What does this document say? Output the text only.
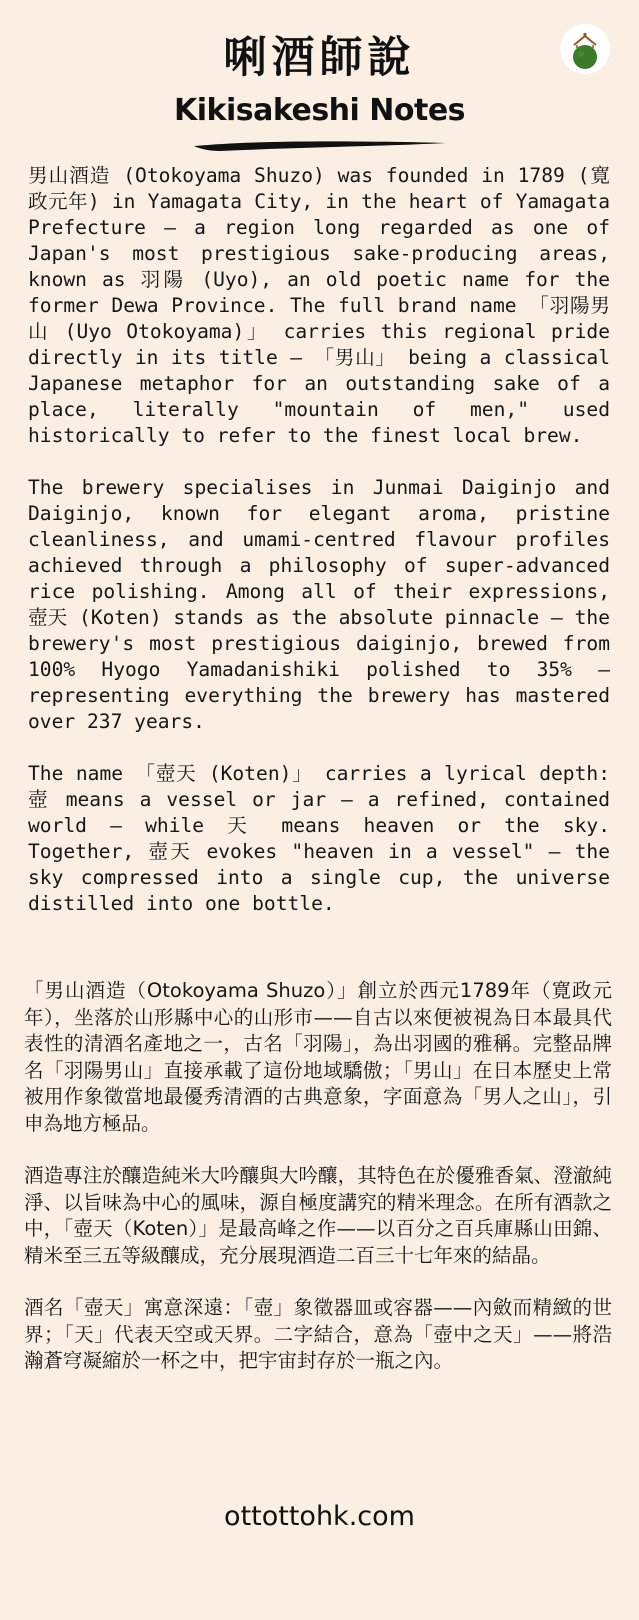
唎酒師說
Kikisakeshi Notes

男山酒造 (Otokoyama Shuzo) was founded in 1789 (寛政元年) in Yamagata City, in the heart of Yamagata Prefecture — a region long regarded as one of Japan's most prestigious sake-producing areas, known as 羽陽 (Uyo), an old poetic name for the former Dewa Province. The full brand name 「羽陽男山 (Uyo Otokoyama)」 carries this regional pride directly in its title — 「男山」 being a classical Japanese metaphor for an outstanding sake of a place, literally "mountain of men," used historically to refer to the finest local brew.

The brewery specialises in Junmai Daiginjo and Daiginjo, known for elegant aroma, pristine cleanliness, and umami-centred flavour profiles achieved through a philosophy of super-advanced rice polishing. Among all of their expressions, 壺天 (Koten) stands as the absolute pinnacle — the brewery's most prestigious daiginjo, brewed from 100% Hyogo Yamadanishiki polished to 35% — representing everything the brewery has mastered over 237 years.

The name 「壺天 (Koten)」 carries a lyrical depth: 壺 means a vessel or jar — a refined, contained world — while 天 means heaven or the sky. Together, 壺天 evokes "heaven in a vessel" — the sky compressed into a single cup, the universe distilled into one bottle.

「男山酒造（Otokoyama Shuzo）」創立於西元1789年（寛政元年），坐落於山形縣中心的山形市——自古以來便被視為日本最具代表性的清酒名產地之一，古名「羽陽」，為出羽國的雅稱。完整品牌名「羽陽男山」直接承載了這份地域驕傲；「男山」在日本歷史上常被用作象徵當地最優秀清酒的古典意象，字面意為「男人之山」，引申為地方極品。

酒造專注於釀造純米大吟釀與大吟釀，其特色在於優雅香氣、澄澈純淨、以旨味為中心的風味，源自極度講究的精米理念。在所有酒款之中，「壺天（Koten）」是最高峰之作——以百分之百兵庫縣山田錦、精米至三五等級釀成，充分展現酒造二百三十七年來的結晶。

酒名「壺天」寓意深遠：「壺」象徵器皿或容器——內斂而精緻的世界；「天」代表天空或天界。二字結合，意為「壺中之天」——將浩瀚蒼穹凝縮於一杯之中，把宇宙封存於一瓶之內。

ottottohk.com
